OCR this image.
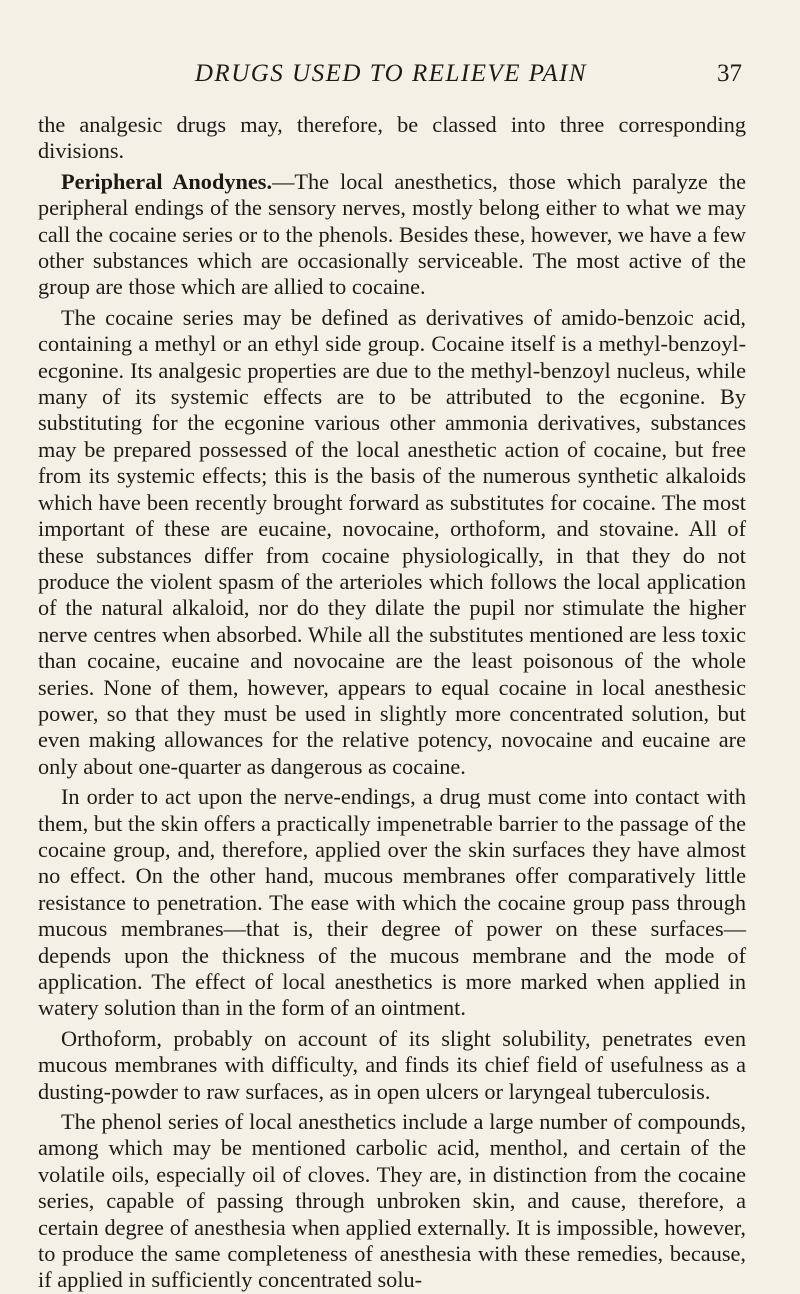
DRUGS USED TO RELIEVE PAIN	37

the analgesic drugs may, therefore, be classed into three corresponding divisions.

Peripheral Anodynes.—The local anesthetics, those which paralyze the peripheral endings of the sensory nerves, mostly belong either to what we may call the cocaine series or to the phenols. Besides these, however, we have a few other substances which are occasionally serviceable. The most active of the group are those which are allied to cocaine.

The cocaine series may be defined as derivatives of amido-benzoic acid, containing a methyl or an ethyl side group. Cocaine itself is a methyl-benzoyl-ecgonine. Its analgesic properties are due to the methyl-benzoyl nucleus, while many of its systemic effects are to be attributed to the ecgonine. By substituting for the ecgonine various other ammonia derivatives, substances may be prepared possessed of the local anesthetic action of cocaine, but free from its systemic effects; this is the basis of the numerous synthetic alkaloids which have been recently brought forward as substitutes for cocaine. The most important of these are eucaine, novocaine, orthoform, and stovaine. All of these substances differ from cocaine physiologically, in that they do not produce the violent spasm of the arterioles which follows the local application of the natural alkaloid, nor do they dilate the pupil nor stimulate the higher nerve centres when absorbed. While all the substitutes mentioned are less toxic than cocaine, eucaine and novocaine are the least poisonous of the whole series. None of them, however, appears to equal cocaine in local anesthesic power, so that they must be used in slightly more concentrated solution, but even making allowances for the relative potency, novocaine and eucaine are only about one-quarter as dangerous as cocaine.

In order to act upon the nerve-endings, a drug must come into contact with them, but the skin offers a practically impenetrable barrier to the passage of the cocaine group, and, therefore, applied over the skin surfaces they have almost no effect. On the other hand, mucous membranes offer comparatively little resistance to penetration. The ease with which the cocaine group pass through mucous membranes—that is, their degree of power on these surfaces—depends upon the thickness of the mucous membrane and the mode of application. The effect of local anesthetics is more marked when applied in watery solution than in the form of an ointment.

Orthoform, probably on account of its slight solubility, penetrates even mucous membranes with difficulty, and finds its chief field of usefulness as a dusting-powder to raw surfaces, as in open ulcers or laryngeal tuberculosis.

The phenol series of local anesthetics include a large number of compounds, among which may be mentioned carbolic acid, menthol, and certain of the volatile oils, especially oil of cloves. They are, in distinction from the cocaine series, capable of passing through unbroken skin, and cause, therefore, a certain degree of anesthesia when applied externally. It is impossible, however, to produce the same completeness of anesthesia with these remedies, because, if applied in sufficiently concentrated solu-
